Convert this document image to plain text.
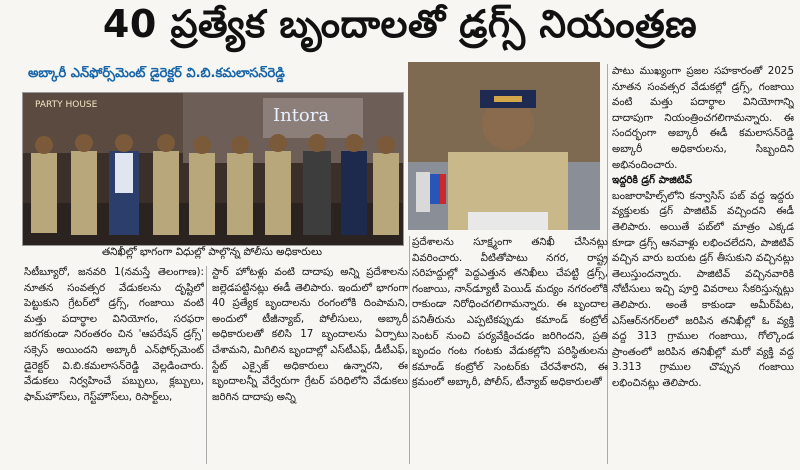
40 ప్రత్యేక బృందాలతో డ్రగ్స్ నియంత్రణ
అబ్కారీ ఎన్‌ఫోర్స్‌మెంట్ డైరెక్టర్ వి.బి.కమలాసన్‌రెడ్డి
PARTY HOUSE	Intora
తనిఖీల్లో భాగంగా విధుల్లో పాల్గొన్న పోలీసు అధికారులు

సిటీబ్యూరో, జనవరి 1(నమస్తే తెలంగాణ): నూతన సంవత్సర వేడుకలను దృష్టిలో పెట్టుకుని గ్రేటర్‌లో డ్రగ్స్, గంజాయి వంటి మత్తు పదార్థాల వినియోగం, సరఫరా జరగకుండా నిరంతరం చిన 'ఆపరేషన్ డ్రగ్స్' సక్సెస్ అయిందని అబ్కారీ ఎన్‌ఫోర్స్‌మెంట్ డైరెక్టర్ వి.బి.కమలాసన్‌రెడ్డి వెల్లడించారు. వేడుకలు నిర్వహించే పబ్బులు, క్లబ్బులు, ఫామ్‌హౌస్‌లు, గెస్ట్‌హౌస్‌లు, రిసార్ట్‌లు,

స్టార్ హోటళ్లు వంటి దాదాపు అన్ని ప్రదేశాలను జల్లెడపట్టినట్లు ఈడీ తెలిపారు. ఇందులో భాగంగా 40 ప్రత్యేక బృందాలను రంగంలోకి దింపామని, అందులో టీజీన్యాబ్, పోలీసులు, అబ్కారీ అధికారులతో కలిసి 17 బృందాలను ఏర్పాటు చేశామని, మిగిలిన బృందాల్లో ఎస్‌టీఎఫ్, డీటీఎఫ్, స్టేట్ ఎక్సైజ్ అధికారులు ఉన్నారని, ఈ బృందాలన్నీ వేర్వేరుగా గ్రేటర్ పరిధిలోని వేడుకలు జరిగిన దాదాపు అన్ని

ప్రదేశాలను సూక్ష్మంగా తనిఖీ చేసినట్లు వివరించారు. వీటితోపాటు నగర, రాష్ట్ర సరిహద్దుల్లో పెద్దఎత్తున తనిఖీలు చేపట్టి డ్రగ్స్, గంజాయి, నాన్‌డ్యూటీ పెయిడ్ మద్యం నగరంలోకి రాకుండా నిరోధించగలిగామన్నారు. ఈ బృందాల పనితీరును ఎప్పటికప్పుడు కమాండ్ కంట్రోల్ సెంటర్ నుంచి పర్యవేక్షించడం జరిగిందని, ప్రతి బృందం గంట గంటకు వేడుకల్లోని పరిస్థితులను కమాండ్ కంట్రోల్ సెంటర్‌కు చేరవేశారని, ఈ క్రమంలో అబ్కారీ, పోలీస్, టీన్యాబ్ అధికారులతో

పాటు ముఖ్యంగా ప్రజల సహకారంతో 2025 నూతన సంవత్సర వేడుకల్లో డ్రగ్స్, గంజాయి వంటి మత్తు పదార్థాల వినియోగాన్ని దాదాపుగా నియంత్రించగలిగామన్నారు. ఈ సందర్భంగా అబ్కారీ ఈడీ కమలాసన్‌రెడ్డి అబ్కారీ అధికారులను, సిబ్బందిని అభినందించారు.

ఇద్దరికి డ్రగ్ పాజిటివ్

బంజారాహిల్స్‌లోని కన్వాసిస్ పబ్ వద్ద ఇద్దరు వ్యక్తులకు డ్రగ్ పాజిటివ్ వచ్చిందని ఈడీ తెలిపారు. అయితే పబ్‌లో మాత్రం ఎక్కడ కూడా డ్రగ్స్ ఆనవాళ్లు లభించలేదని, పాజిటివ్ వచ్చిన వారు బయట డ్రగ్ తీసుకుని వచ్చినట్లు తెలుస్తుందన్నారు. పాజిటివ్ వచ్చినవారికి నోటీసులు ఇచ్చి పూర్తి వివరాలు సేకరిస్తున్నట్లు తెలిపారు. అంతే కాకుండా అమీర్‌పేట, ఎస్ఆర్‌నగర్‌లలో జరిపిన తనిఖీల్లో ఓ వ్యక్తి వద్ద 313 గ్రాముల గంజాయి, గోల్కొండ ప్రాంతంలో జరిపిన తనిఖీల్లో మరో వ్యక్తి వద్ద 3.313 గ్రాముల చొప్పున గంజాయి లభించినట్లు తెలిపారు.
